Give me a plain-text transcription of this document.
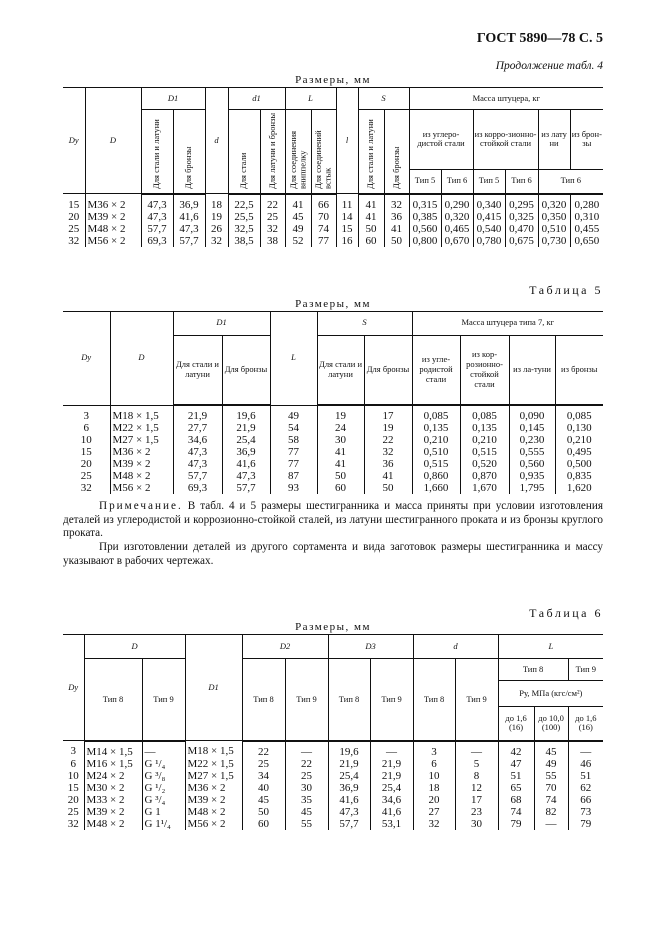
ГОСТ 5890—78 С. 5
Продолжение табл. 4
Размеры, мм
Dу	D	D1		d	d1		L		l	S		Масса штуцера, кг					
		Для стали и латуни	Для бронзы		Для стали	Для латуни и бронзы	Для соединения вниппелку	Для соединений встык		Для стали и латуни	Для бронзы	из углеро-дистой стали		из корро-зионно-стойкой стали		из лату ни	из брон-зы
												Тип 5	Тип 6	Тип 5	Тип 6	Тип 6	
15	M36 × 2	47,3	36,9	18	22,5	22	41	66	11	41	32	0,315	0,290	0,340	0,295	0,320	0,280
20	M39 × 2	47,3	41,6	19	25,5	25	45	70	14	41	36	0,385	0,320	0,415	0,325	0,350	0,310
25	M48 × 2	57,7	47,3	26	32,5	32	49	74	15	50	41	0,560	0,465	0,540	0,470	0,510	0,455
32	M56 × 2	69,3	57,7	32	38,5	38	52	77	16	60	50	0,800	0,670	0,780	0,675	0,730	0,650
Таблица 5
Размеры, мм
Dу	D	D1		L	S		Масса штуцера типа 7, кг			
		Для стали и латуни	Для бронзы		Для стали и латуни	Для бронзы	из угле-родистой стали	из кор-розионно-стойкой стали	из ла-туни	из бронзы
3	M18 × 1,5	21,9	19,6	49	19	17	0,085	0,085	0,090	0,085
6	M22 × 1,5	27,7	21,9	54	24	19	0,135	0,135	0,145	0,130
10	M27 × 1,5	34,6	25,4	58	30	22	0,210	0,210	0,230	0,210
15	M36 × 2	47,3	36,9	77	41	32	0,510	0,515	0,555	0,495
20	M39 × 2	47,3	41,6	77	41	36	0,515	0,520	0,560	0,500
25	M48 × 2	57,7	47,3	87	50	41	0,860	0,870	0,935	0,835
32	M56 × 2	69,3	57,7	93	60	50	1,660	1,670	1,795	1,620

Примечание. В табл. 4 и 5 размеры шестигранника и масса приняты при условии изготовления деталей из углеродистой и коррозионно-стойкой сталей, из латуни шестигранного проката и из бронзы круглого проката.

При изготовлении деталей из другого сортамента и вида заготовок размеры шестигранника и массу указывают в рабочих чертежах.

Таблица 6
Размеры, мм
Dу	D		D1	D2		D3		d		L		
	Тип 8	Тип 9		Тип 8	Тип 9	Тип 8	Тип 9	Тип 8	Тип 9	Тип 8		Тип 9
										Pу, МПа (кгс/см²)		
										до 1,6 (16)	до 10,0 (100)	до 1,6 (16)
3	M14 × 1,5	—	M18 × 1,5	22	—	19,6	—	3	—	42	45	—
6	M16 × 1,5	G ¹/₄	M22 × 1,5	25	22	21,9	21,9	6	5	47	49	46
10	M24 × 2	G ³/₈	M27 × 1,5	34	25	25,4	21,9	10	8	51	55	51
15	M30 × 2	G ¹/₂	M36 × 2	40	30	36,9	25,4	18	12	65	70	62
20	M33 × 2	G ³/₄	M39 × 2	45	35	41,6	34,6	20	17	68	74	66
25	M39 × 2	G 1	M48 × 2	50	45	47,3	41,6	27	23	74	82	73
32	M48 × 2	G 1¹/₄	M56 × 2	60	55	57,7	53,1	32	30	79	—	79
